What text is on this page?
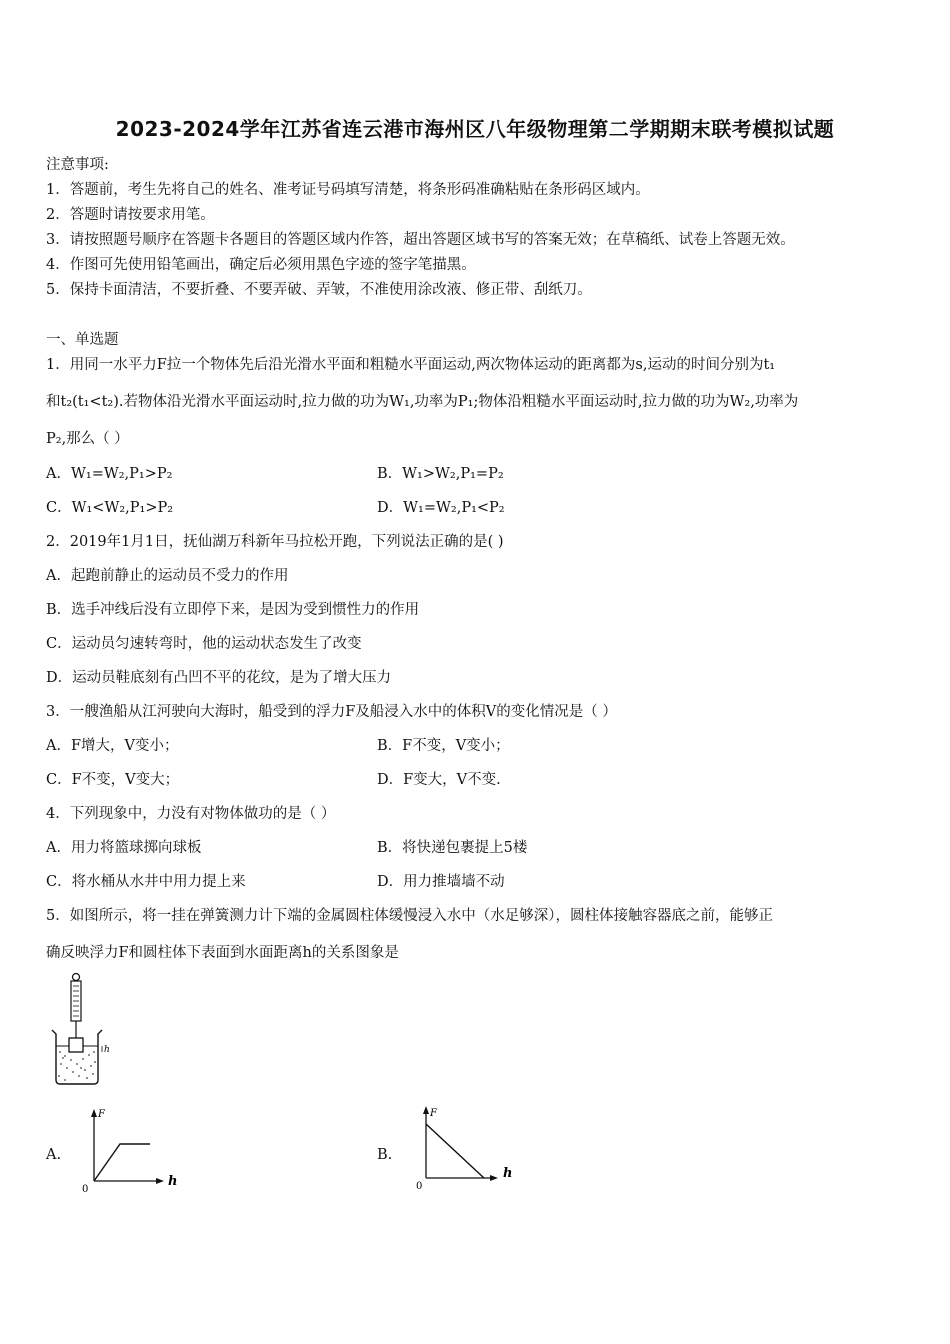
2023-2024学年江苏省连云港市海州区八年级物理第二学期期末联考模拟试题
注意事项:
1．答题前，考生先将自己的姓名、准考证号码填写清楚，将条形码准确粘贴在条形码区域内。
2．答题时请按要求用笔。
3．请按照题号顺序在答题卡各题目的答题区域内作答，超出答题区域书写的答案无效；在草稿纸、试卷上答题无效。
4．作图可先使用铅笔画出，确定后必须用黑色字迹的签字笔描黑。
5．保持卡面清洁，不要折叠、不要弄破、弄皱，不准使用涂改液、修正带、刮纸刀。
一、单选题
1．用同一水平力F拉一个物体先后沿光滑水平面和粗糙水平面运动,两次物体运动的距离都为s,运动的时间分别为t₁
和t₂(t₁<t₂).若物体沿光滑水平面运动时,拉力做的功为W₁,功率为P₁;物体沿粗糙水平面运动时,拉力做的功为W₂,功率为
P₂,那么（ ）
A．W₁=W₂,P₁>P₂	B．W₁>W₂,P₁=P₂
C．W₁<W₂,P₁>P₂	D．W₁=W₂,P₁<P₂
2．2019年1月1日，抚仙湖万科新年马拉松开跑，下列说法正确的是( )
A．起跑前静止的运动员不受力的作用
B．选手冲线后没有立即停下来，是因为受到惯性力的作用
C．运动员匀速转弯时，他的运动状态发生了改变
D．运动员鞋底刻有凸凹不平的花纹，是为了增大压力
3．一艘渔船从江河驶向大海时，船受到的浮力F及船浸入水中的体积V的变化情况是（ ）
A．F增大，V变小；	B．F不变，V变小；
C．F不变，V变大；	D．F变大，V不变.
4．下列现象中，力没有对物体做功的是（ ）
A．用力将篮球掷向球板	B．将快递包裹提上5楼
C．将水桶从水井中用力提上来	D．用力推墙墙不动
5．如图所示，将一挂在弹簧测力计下端的金属圆柱体缓慢浸入水中（水足够深），圆柱体接触容器底之前，能够正
确反映浮力F和圆柱体下表面到水面距离h的关系图象是
h
A.
F
h
0
B.
F
h
0
